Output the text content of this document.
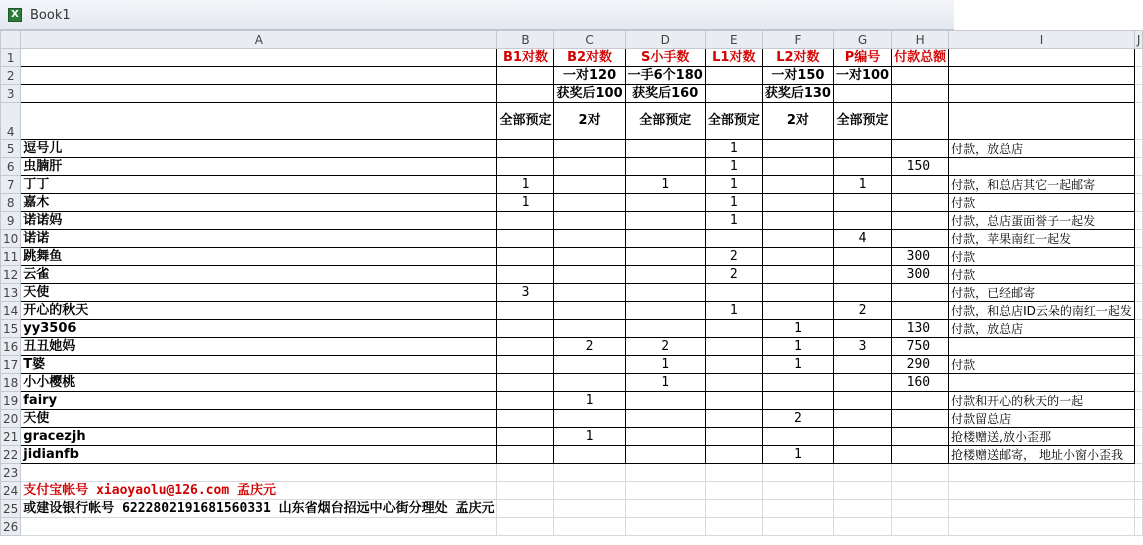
X Book1
	A	B	C	D	E	F	G	H	I	J
1		B1对数	B2对数	S小手数	L1对数	L2对数	P编号	付款总额		
2			一对120	一手6个180		一对150	一对100			
3			获奖后100	获奖后160		获奖后130				
4		全部预定	2对	全部预定	全部预定	2对	全部预定			
5	逗号儿				1				付款，放总店	
6	虫腩肝				1			150		
7	丁丁	1		1	1		1		付款，和总店其它一起邮寄	
8	嘉木	1			1				付款	
9	诺诺妈				1				付款，总店蛋面誉子一起发	
10	诺诺						4		付款，苹果南红一起发	
11	跳舞鱼				2			300	付款	
12	云雀				2			300	付款	
13	天使	3							付款，已经邮寄	
14	开心的秋天				1		2		付款，和总店ID云朵的南红一起发	
15	yy3506					1		130	付款，放总店	
16	丑丑她妈		2	2		1	3	750		
17	T婆			1		1		290	付款	
18	小小樱桃			1				160		
19	fairy		1						付款和开心的秋天的一起	
20	天使					2			付款留总店	
21	gracezjh		1						抢楼赠送,放小歪那	
22	jidianfb					1			抢楼赠送邮寄， 地址小窗小歪我	
23										
24	支付宝帐号 xiaoyaolu@126.com 孟庆元									
25	或建设银行帐号 6222802191681560331 山东省烟台招远中心街分理处 孟庆元									
26										
